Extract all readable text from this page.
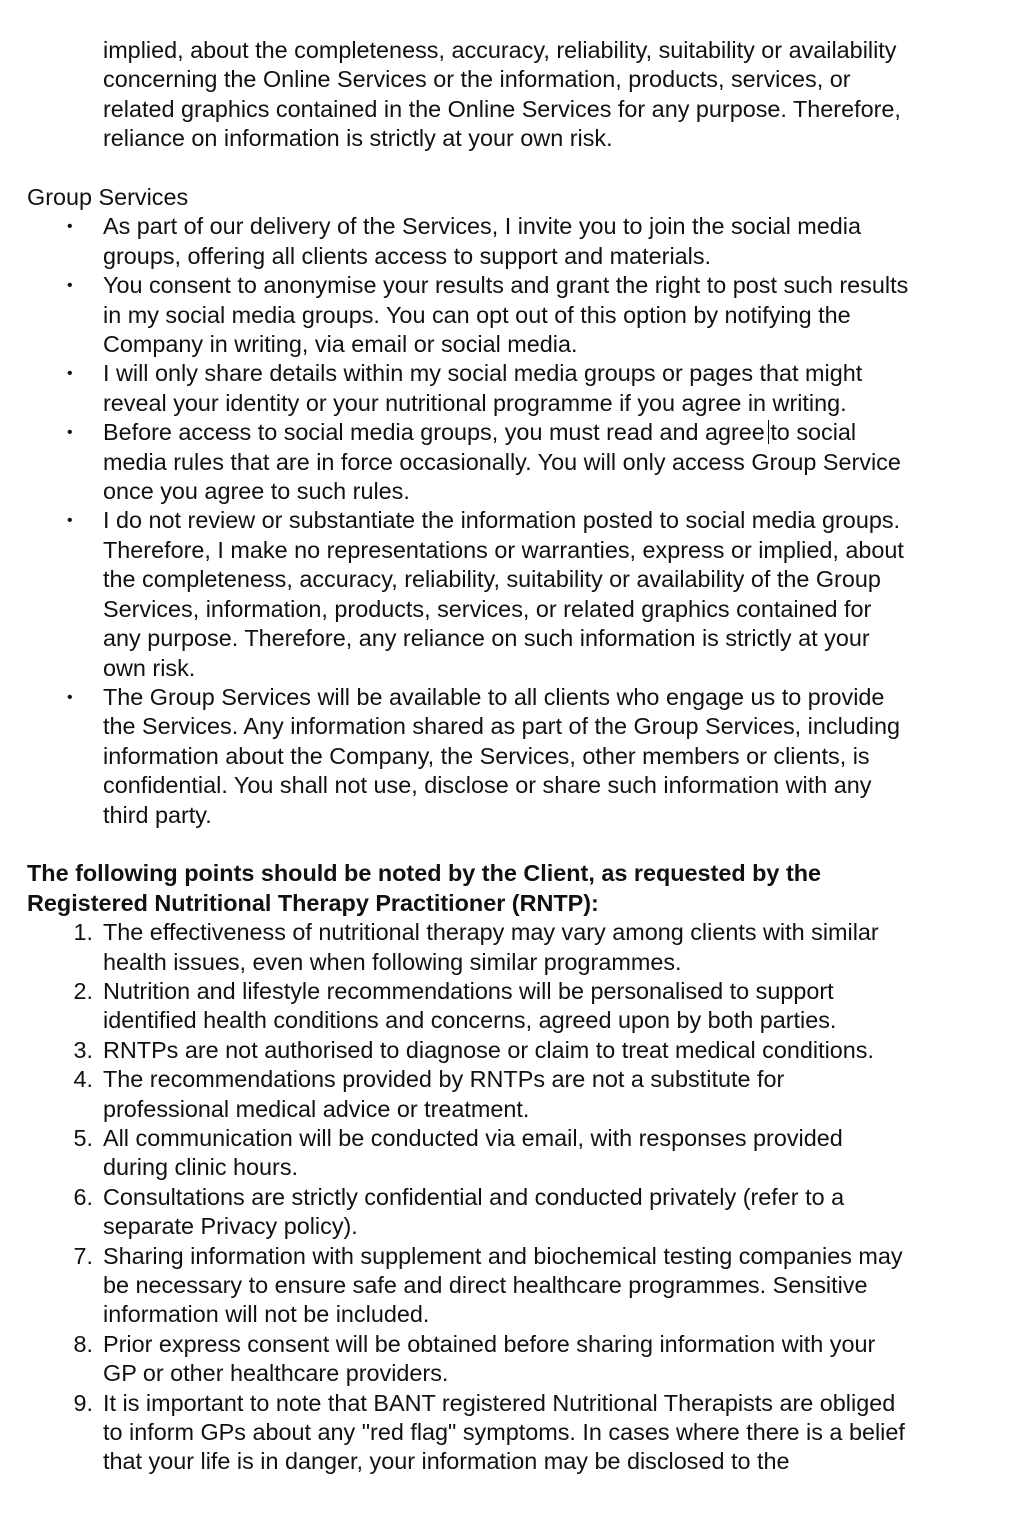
implied, about the completeness, accuracy, reliability, suitability or availability
concerning the Online Services or the information, products, services, or
related graphics contained in the Online Services for any purpose. Therefore,
reliance on information is strictly at your own risk.
Group Services
• As part of our delivery of the Services, I invite you to join the social media
groups, offering all clients access to support and materials.
• You consent to anonymise your results and grant the right to post such results
in my social media groups. You can opt out of this option by notifying the
Company in writing, via email or social media.
• I will only share details within my social media groups or pages that might
reveal your identity or your nutritional programme if you agree in writing.
• Before access to social media groups, you must read and agree to social
media rules that are in force occasionally. You will only access Group Service
once you agree to such rules.
• I do not review or substantiate the information posted to social media groups.
Therefore, I make no representations or warranties, express or implied, about
the completeness, accuracy, reliability, suitability or availability of the Group
Services, information, products, services, or related graphics contained for
any purpose. Therefore, any reliance on such information is strictly at your
own risk.
• The Group Services will be available to all clients who engage us to provide
the Services. Any information shared as part of the Group Services, including
information about the Company, the Services, other members or clients, is
confidential. You shall not use, disclose or share such information with any
third party.
The following points should be noted by the Client, as requested by the
Registered Nutritional Therapy Practitioner (RNTP):
1. The effectiveness of nutritional therapy may vary among clients with similar
health issues, even when following similar programmes.
2. Nutrition and lifestyle recommendations will be personalised to support
identified health conditions and concerns, agreed upon by both parties.
3. RNTPs are not authorised to diagnose or claim to treat medical conditions.
4. The recommendations provided by RNTPs are not a substitute for
professional medical advice or treatment.
5. All communication will be conducted via email, with responses provided
during clinic hours.
6. Consultations are strictly confidential and conducted privately (refer to a
separate Privacy policy).
7. Sharing information with supplement and biochemical testing companies may
be necessary to ensure safe and direct healthcare programmes. Sensitive
information will not be included.
8. Prior express consent will be obtained before sharing information with your
GP or other healthcare providers.
9. It is important to note that BANT registered Nutritional Therapists are obliged
to inform GPs about any "red flag" symptoms. In cases where there is a belief
that your life is in danger, your information may be disclosed to the
